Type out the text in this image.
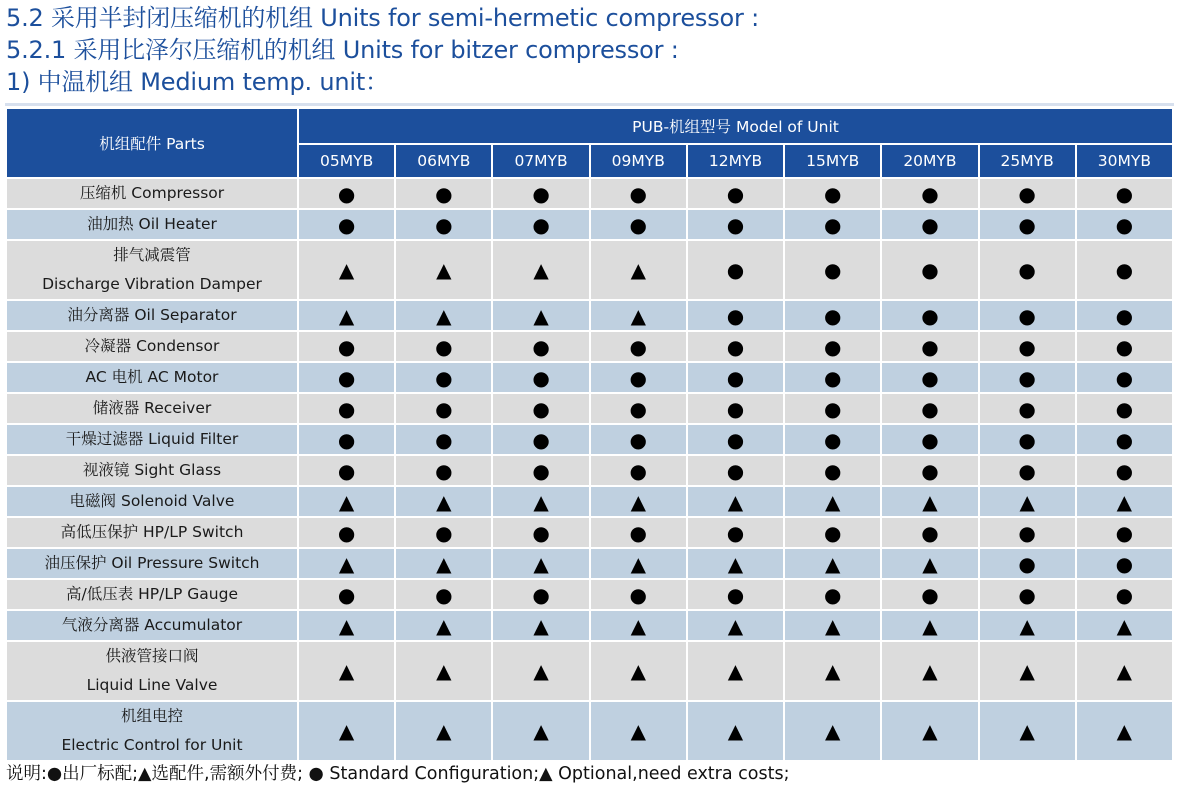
5.2 采用半封闭压缩机的机组 Units for semi-hermetic compressor :
5.2.1 采用比泽尔压缩机的机组 Units for bitzer compressor :
1) 中温机组 Medium temp. unit：
机组配件 Parts	PUB-机组型号 Model of Unit								
	05MYB	06MYB	07MYB	09MYB	12MYB	15MYB	20MYB	25MYB	30MYB

压缩机 Compressor	●	●	●	●	●	●	●	●	●

油加热 Oil Heater	●	●	●	●	●	●	●	●	●

排气减震管
Discharge Vibration Damper	▲	▲	▲	▲	●	●	●	●	●

油分离器 Oil Separator	▲	▲	▲	▲	●	●	●	●	●

冷凝器 Condensor	●	●	●	●	●	●	●	●	●

AC 电机 AC Motor	●	●	●	●	●	●	●	●	●

储液器 Receiver	●	●	●	●	●	●	●	●	●

干燥过滤器 Liquid Filter	●	●	●	●	●	●	●	●	●

视液镜 Sight Glass	●	●	●	●	●	●	●	●	●

电磁阀 Solenoid Valve	▲	▲	▲	▲	▲	▲	▲	▲	▲

高低压保护 HP/LP Switch	●	●	●	●	●	●	●	●	●

油压保护 Oil Pressure Switch	▲	▲	▲	▲	▲	▲	▲	●	●

高/低压表 HP/LP Gauge	●	●	●	●	●	●	●	●	●

气液分离器 Accumulator	▲	▲	▲	▲	▲	▲	▲	▲	▲

供液管接口阀
Liquid Line Valve	▲	▲	▲	▲	▲	▲	▲	▲	▲

机组电控
Electric Control for Unit	▲	▲	▲	▲	▲	▲	▲	▲	▲
说明:●出厂标配;▲选配件,需额外付费; ● Standard Configuration;▲ Optional,need extra costs;
